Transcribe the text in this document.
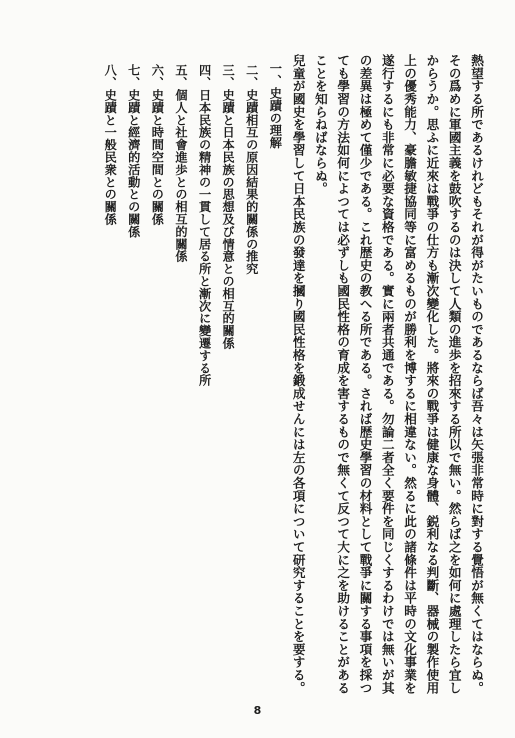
熱望する所であるけれどもそれが得がたいものであるならば吾々は矢張非常時に對する覺悟が無くてはならぬ。

その爲めに軍國主義を鼓吹するのは決して人類の進歩を招來する所以で無い。然らば之を如何に處理したら宜し

からうか。思ふに近來は戰爭の仕方も漸次變化した。將來の戰爭は健康な身體、鋭利なる判斷、器械の製作使用

上の優秀能力、豪膽敏捷協同等に富めるものが勝利を博するに相違ない。然るに此の諸條件は平時の文化事業を

遂行するにも非常に必要な資格である。實に兩者共通である。勿論二者全く要件を同じくするわけでは無いが其

の差異は極めて僅少である。これ歴史の教へる所である。されば歴史學習の材料として戰爭に關する事項を採つ

ても學習の方法如何によつては必ずしも國民性格の育成を害するもので無くて反つて大に之を助けることがある

ことを知らねばならぬ。

兒童が國史を學習して日本民族の發達を摑り國民性格を鍛成せんには左の各項について研究することを要する。

一、史蹟の理解
二、史蹟相互の原因結果的關係の推究
三、史蹟と日本民族の思想及び情意との相互的關係
四、日本民族の精神の一貫して居る所と漸次に變遷する所
五、個人と社會進歩との相互的關係
六、史蹟と時間空間との關係
七、史蹟と經濟的活動との關係
八、史蹟と一般民衆との關係
8
